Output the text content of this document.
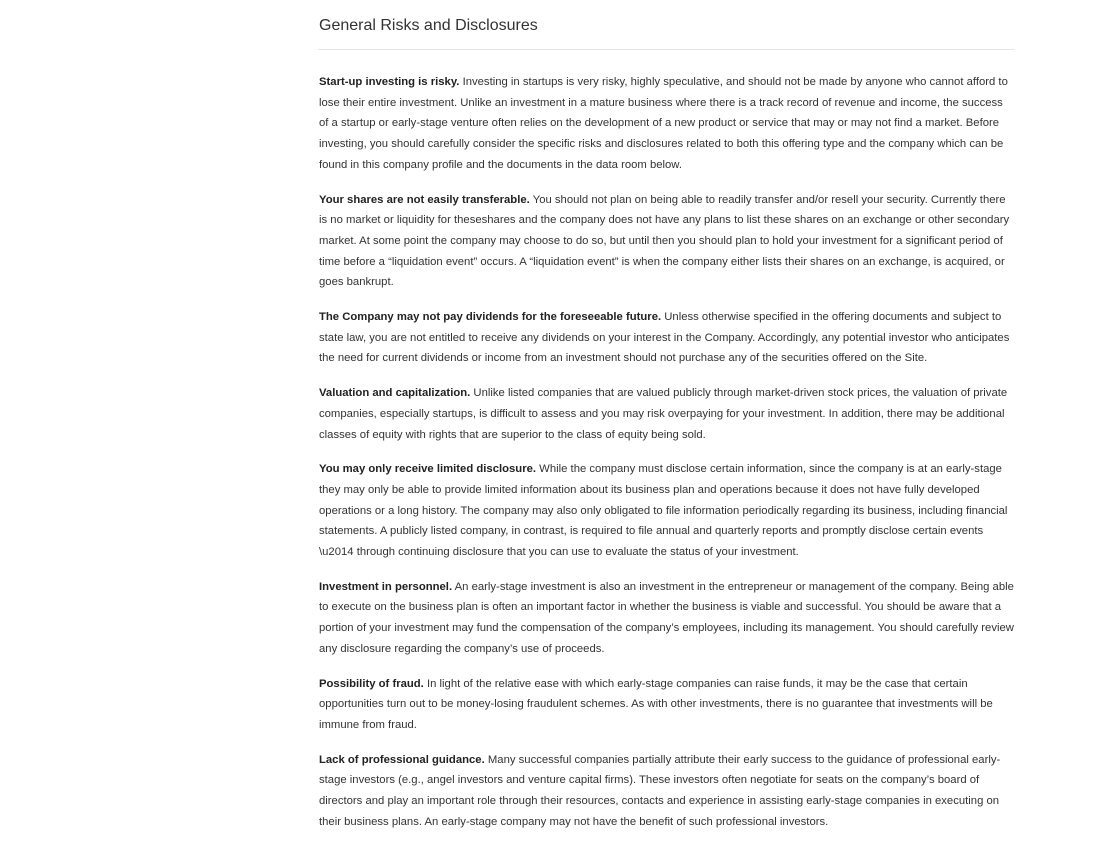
General Risks and Disclosures

Start-up investing is risky. Investing in startups is very risky, highly speculative, and should not be made by anyone who cannot afford to lose their entire investment. Unlike an investment in a mature business where there is a track record of revenue and income, the success of a startup or early-stage venture often relies on the development of a new product or service that may or may not find a market. Before investing, you should carefully consider the specific risks and disclosures related to both this offering type and the company which can be found in this company profile and the documents in the data room below.

Your shares are not easily transferable. You should not plan on being able to readily transfer and/or resell your security. Currently there is no market or liquidity for theseshares and the company does not have any plans to list these shares on an exchange or other secondary market. At some point the company may choose to do so, but until then you should plan to hold your investment for a significant period of time before a “liquidation event” occurs. A “liquidation event” is when the company either lists their shares on an exchange, is acquired, or goes bankrupt.

The Company may not pay dividends for the foreseeable future. Unless otherwise specified in the offering documents and subject to state law, you are not entitled to receive any dividends on your interest in the Company. Accordingly, any potential investor who anticipates the need for current dividends or income from an investment should not purchase any of the securities offered on the Site.

Valuation and capitalization. Unlike listed companies that are valued publicly through market-driven stock prices, the valuation of private companies, especially startups, is difficult to assess and you may risk overpaying for your investment. In addition, there may be additional classes of equity with rights that are superior to the class of equity being sold.

You may only receive limited disclosure. While the company must disclose certain information, since the company is at an early-stage they may only be able to provide limited information about its business plan and operations because it does not have fully developed operations or a long history. The company may also only obligated to file information periodically regarding its business, including financial statements. A publicly listed company, in contrast, is required to file annual and quarterly reports and promptly disclose certain events \u2014 through continuing disclosure that you can use to evaluate the status of your investment.

Investment in personnel. An early-stage investment is also an investment in the entrepreneur or management of the company. Being able to execute on the business plan is often an important factor in whether the business is viable and successful. You should be aware that a portion of your investment may fund the compensation of the company’s employees, including its management. You should carefully review any disclosure regarding the company’s use of proceeds.

Possibility of fraud. In light of the relative ease with which early-stage companies can raise funds, it may be the case that certain opportunities turn out to be money-losing fraudulent schemes. As with other investments, there is no guarantee that investments will be immune from fraud.

Lack of professional guidance. Many successful companies partially attribute their early success to the guidance of professional early-stage investors (e.g., angel investors and venture capital firms). These investors often negotiate for seats on the company’s board of directors and play an important role through their resources, contacts and experience in assisting early-stage companies in executing on their business plans. An early-stage company may not have the benefit of such professional investors.
